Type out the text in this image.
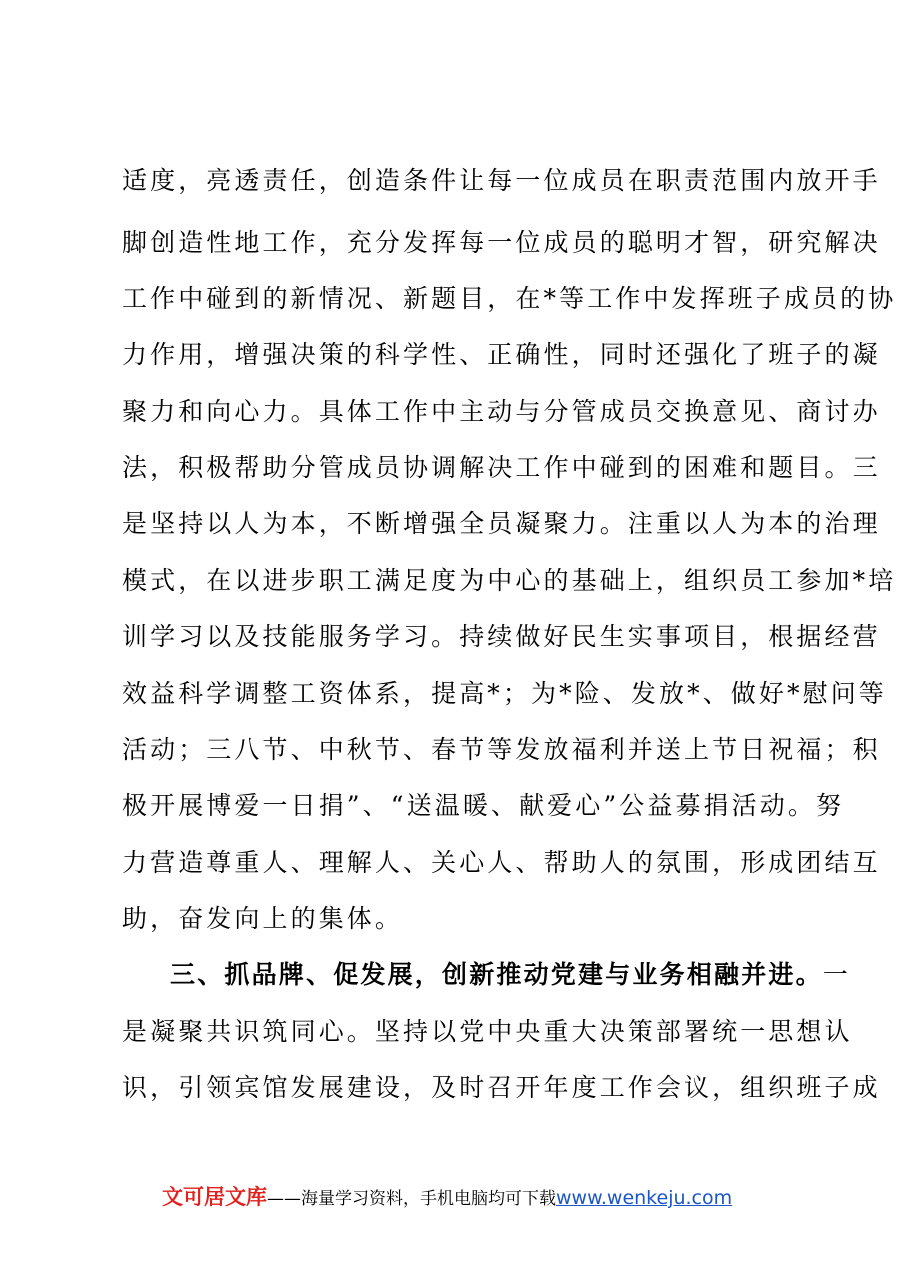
适度，亮透责任，创造条件让每一位成员在职责范围内放开手
脚创造性地工作，充分发挥每一位成员的聪明才智，研究解决
工作中碰到的新情况、新题目，在*等工作中发挥班子成员的协
力作用，增强决策的科学性、正确性，同时还强化了班子的凝
聚力和向心力。具体工作中主动与分管成员交换意见、商讨办
法，积极帮助分管成员协调解决工作中碰到的困难和题目。三
是坚持以人为本，不断增强全员凝聚力。注重以人为本的治理
模式，在以进步职工满足度为中心的基础上，组织员工参加*培
训学习以及技能服务学习。持续做好民生实事项目，根据经营
效益科学调整工资体系，提高*；为*险、发放*、做好*慰问等
活动；三八节、中秋节、春节等发放福利并送上节日祝福；积
极开展博爱一日捐”、“送温暖、献爱心”公益募捐活动。努
力营造尊重人、理解人、关心人、帮助人的氛围，形成团结互
助，奋发向上的集体。
三、抓品牌、促发展，创新推动党建与业务相融并进。一
是凝聚共识筑同心。坚持以党中央重大决策部署统一思想认
识，引领宾馆发展建设，及时召开年度工作会议，组织班子成
文可居文库——海量学习资料，手机电脑均可下载www.wenkeju.com
